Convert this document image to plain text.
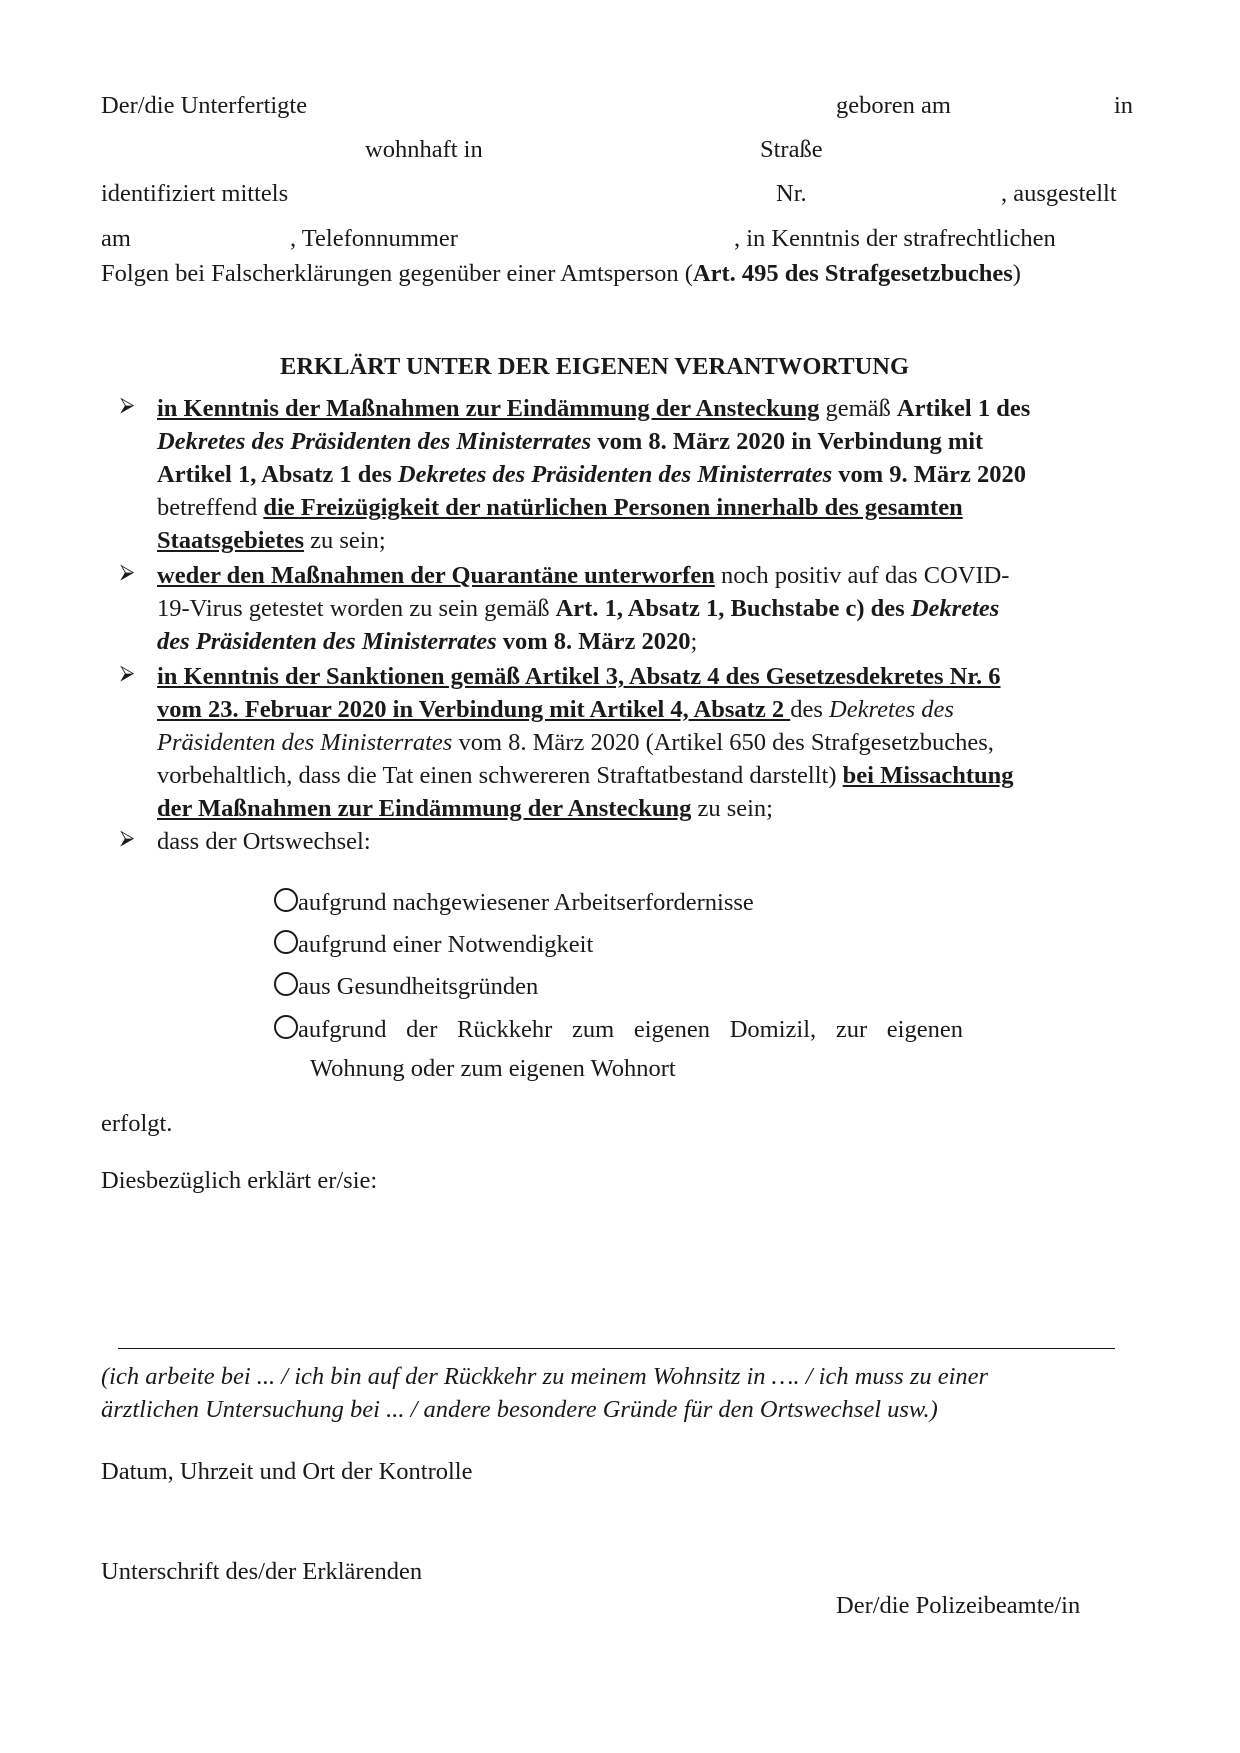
Der/die Unterfertigte	geboren am	in
wohnhaft in	Straße
identifiziert mittels	Nr.	, ausgestellt
am	, Telefonnummer	, in Kenntnis der strafrechtlichen
Folgen bei Falscherklärungen gegenüber einer Amtsperson (Art. 495 des Strafgesetzbuches)
ERKLÄRT UNTER DER EIGENEN VERANTWORTUNG
⮚ in Kenntnis der Maßnahmen zur Eindämmung der Ansteckung gemäß Artikel 1 des
Dekretes des Präsidenten des Ministerrates vom 8. März 2020 in Verbindung mit
Artikel 1, Absatz 1 des Dekretes des Präsidenten des Ministerrates vom 9. März 2020
betreffend die Freizügigkeit der natürlichen Personen innerhalb des gesamten
Staatsgebietes zu sein;
⮚ weder den Maßnahmen der Quarantäne unterworfen noch positiv auf das COVID-
19-Virus getestet worden zu sein gemäß Art. 1, Absatz 1, Buchstabe c) des Dekretes
des Präsidenten des Ministerrates vom 8. März 2020;
⮚ in Kenntnis der Sanktionen gemäß Artikel 3, Absatz 4 des Gesetzesdekretes Nr. 6
vom 23. Februar 2020 in Verbindung mit Artikel 4, Absatz 2 des Dekretes des
Präsidenten des Ministerrates vom 8. März 2020 (Artikel 650 des Strafgesetzbuches,
vorbehaltlich, dass die Tat einen schwereren Straftatbestand darstellt) bei Missachtung
der Maßnahmen zur Eindämmung der Ansteckung zu sein;
⮚ dass der Ortswechsel:
aufgrund nachgewiesener Arbeitserfordernisse
aufgrund einer Notwendigkeit
aus Gesundheitsgründen
aufgrund der Rückkehr zum eigenen Domizil, zur eigenen
Wohnung oder zum eigenen Wohnort
erfolgt.
Diesbezüglich erklärt er/sie:
(ich arbeite bei ... / ich bin auf der Rückkehr zu meinem Wohnsitz in …. / ich muss zu einer
ärztlichen Untersuchung bei ... / andere besondere Gründe für den Ortswechsel usw.)
Datum, Uhrzeit und Ort der Kontrolle
Unterschrift des/der Erklärenden
Der/die Polizeibeamte/in
